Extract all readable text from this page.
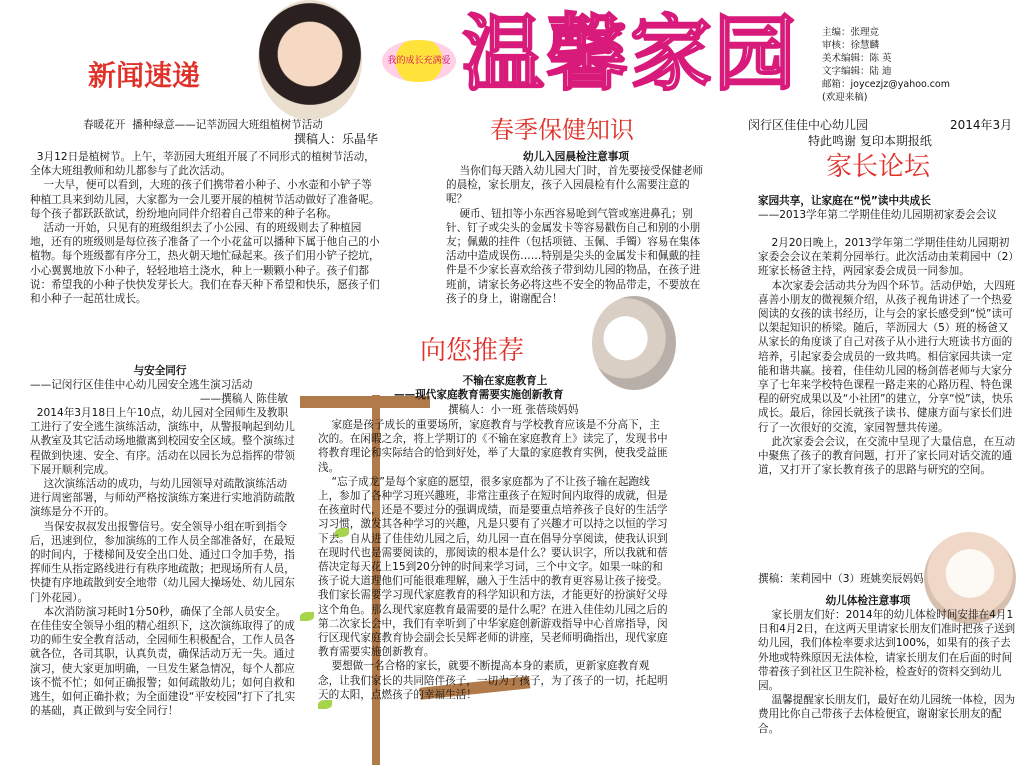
我的成长充满爱 温馨家园	主编：张理竞
审核：徐慧麟
美术编辑：陈 英
文字编辑：陆 迪
邮箱：joycezjz@yahoo.com
(欢迎来稿)
新闻速递
春暖花开  播种绿意——记莘沥园大班组植树节活动
撰稿人：乐晶华
3月12日是植树节。上午，莘沥园大班组开展了不同形式的植树节活动，全体大班组教师和幼儿都参与了此次活动。
一大早，便可以看到，大班的孩子们携带着小种子、小水壶和小铲子等种植工具来到幼儿园，大家都为一会儿要开展的植树节活动做好了准备呢。每个孩子都跃跃欲试，纷纷地向同伴介绍着自己带来的种子名称。
活动一开始，只见有的班级组织去了小公园、有的班级则去了种植园地，还有的班级则是每位孩子准备了一个小花盆可以播种下属于他自己的小植物。每个班级都有序分工，热火朝天地忙碌起来。孩子们用小铲子挖坑，小心翼翼地放下小种子，轻轻地培土浇水，种上一颗颗小种子。孩子们都说：希望我的小种子快快发芽长大。我们在春天种下希望和快乐，愿孩子们和小种子一起茁壮成长。
与安全同行
——记闵行区佳佳中心幼儿园安全逃生演习活动
——撰稿人 陈佳敏
2014年3月18日上午10点，幼儿园对全园师生及教职工进行了安全逃生演练活动，演练中，从警报响起到幼儿从教室及其它活动场地撤离到校园安全区域。整个演练过程做到快速、安全、有序。活动在以园长为总指挥的带领下展开顺利完成。
这次演练活动的成功，与幼儿园领导对疏散演练活动进行周密部署，与师幼严格按演练方案进行实地消防疏散演练是分不开的。
当保安叔叔发出报警信号。安全领导小组在听到指令后，迅速到位，参加演练的工作人员全部准备好，在最短的时间内，于楼梯间及安全出口处、通过口令加手势，指挥师生从指定路线进行有秩序地疏散；把现场所有人员，快捷有序地疏散到安全地带（幼儿园大操场处、幼儿园东门外花园）。
本次消防演习耗时1分50秒，确保了全部人员安全。在佳佳安全领导小组的精心组织下，这次演练取得了的成功的师生安全教育活动，全园师生积极配合，工作人员各就各位，各司其职，认真负责，确保活动万无一失。通过演习，使大家更加明确，一旦发生紧急情况，每个人都应该不慌不忙；如何正确报警；如何疏散幼儿；如何自救和逃生，如何正确扑救；为全面建设“平安校园”打下了扎实的基础，真正做到与安全同行！
春季保健知识
幼儿入园晨检注意事项
当你们每天踏入幼儿园大门时，首先要接受保健老师的晨检，家长朋友，孩子入园晨检有什么需要注意的呢？
硬币、钮扣等小东西容易呛到气管或塞进鼻孔；别针、钉子或尖头的金属发卡等容易戳伤自己和别的小朋友；佩戴的挂件（包括项链、玉佩、手镯）容易在集体活动中造成误伤……特别是尖头的金属发卡和佩戴的挂件是不少家长喜欢给孩子带到幼儿园的物品，在孩子进班前，请家长务必将这些不安全的物品带走，不要放在孩子的身上，谢谢配合！
向您推荐
不输在家庭教育上
——现代家庭教育需要实施创新教育
撰稿人：小一班 张蓓琰妈妈
家庭是孩子成长的重要场所，家庭教育与学校教育应该是不分高下，主次的。在闲暇之余，将上学期订的《不输在家庭教育上》读完了，发现书中将教育理论和实际结合的恰到好处，举了大量的家庭教育实例，使我受益匪浅。
“忘子成龙”是每个家庭的愿望，很多家庭都为了不让孩子输在起跑线上，参加了各种学习班兴趣班，非常注重孩子在短时间内取得的成就，但是在孩童时代，还是不要过分的强调成绩，而是要重点培养孩子良好的生活学习习惯，激发其各种学习的兴趣，凡是只要有了兴趣才可以持之以恒的学习下去。自从进了佳佳幼儿园之后，幼儿园一直在倡导分享阅读，使我认识到在现时代也是需要阅读的，那阅读的根本是什么？要认识字，所以我就和蓓蓓决定每天花上15到20分钟的时间来学习词，三个中文字。如果一味的和孩子说大道理他们可能很难理解，融入于生活中的教育更容易让孩子接受。我们家长需要学习现代家庭教育的科学知识和方法，才能更好的扮演好父母这个角色。那么现代家庭教育最需要的是什么呢？在进入佳佳幼儿园之后的第二次家长会中，我们有幸听到了中华家庭创新游戏指导中心首席指导，闵行区现代家庭教育协会副会长吴辉老师的讲座，吴老师明确指出，现代家庭教育需要实施创新教育。
要想做一名合格的家长，就要不断提高本身的素质，更新家庭教育观念，让我们家长的共同陪伴孩子，一切为了孩子，为了孩子的一切，托起明天的太阳，点燃孩子的幸福生活！
闵行区佳佳中心幼儿园	2014年3月
特此鸣谢 复印本期报纸
家长论坛
家园共享，让家庭在“悦”读中共成长
——2013学年第二学期佳佳幼儿园期初家委会会议
2月20日晚上，2013学年第二学期佳佳幼儿园期初家委会会议在茉莉分园举行。此次活动由茉莉园中（2）班家长杨爸主持，两园家委会成员一同参加。
本次家委会活动共分为四个环节。活动伊始，大四班喜善小朋友的微视频介绍，从孩子视角讲述了一个热爱阅读的女孩的读书经历，让与会的家长感受到“悦”读可以架起知识的桥梁。随后，莘沥园大（5）班的杨爸又从家长的角度谈了自己对孩子从小进行大班读书方面的培养，引起家委会成员的一致共鸣。相信家园共读一定能和谐共赢。接着，佳佳幼儿园的杨剑蓓老师与大家分享了七年来学校特色课程一路走来的心路历程、特色课程的研究成果以及“小社团”的建立，分享“悦”读，快乐成长。最后，徐园长就孩子读书、健康方面与家长们进行了一次很好的交流，家园智慧共传递。
此次家委会会议，在交流中呈现了大量信息，在互动中聚焦了孩子的教育问题，打开了家长同对话交流的通道，又打开了家长教育孩子的思路与研究的空间。
撰稿：茉莉园中（3）班姚奕辰妈妈
幼儿体检注意事项
家长朋友们好：2014年的幼儿体检时间安排在4月1日和4月2日，在这两天里请家长朋友们准时把孩子送到幼儿园，我们体检率要求达到100%，如果有的孩子去外地或特殊原因无法体检，请家长朋友们在后面的时间带着孩子到社区卫生院补检，检查好的资料交到幼儿园。
温馨提醒家长朋友们，最好在幼儿园统一体检，因为费用比你自己带孩子去体检便宜，谢谢家长朋友的配合。
